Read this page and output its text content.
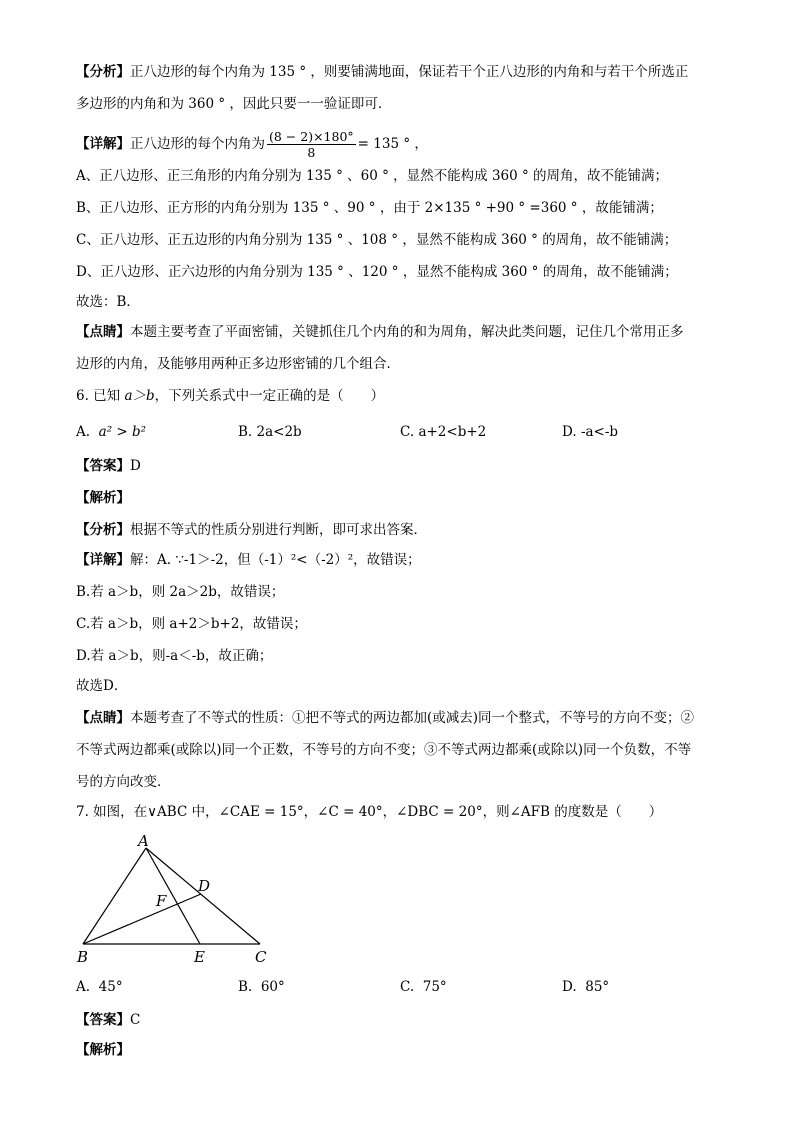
【分析】正八边形的每个内角为 135 ° ，则要铺满地面，保证若干个正八边形的内角和与若干个所选正
多边形的内角和为 360 ° ，因此只要一一验证即可．
【详解】正八边形的每个内角为 $\frac{(8 - 2)\times 180^\circ}{8} = 135$ ° ，
A、正八边形、正三角形的内角分别为 135 ° 、60 ° ，显然不能构成 360 ° 的周角，故不能铺满；
B、正八边形、正方形的内角分别为 135 ° 、90 ° ，由于 2×135 ° +90 ° =360 ° ，故能铺满；
C、正八边形、正五边形的内角分别为 135 ° 、108 ° ，显然不能构成 360 ° 的周角，故不能铺满；
D、正八边形、正六边形的内角分别为 135 ° 、120 ° ，显然不能构成 360 ° 的周角，故不能铺满；
故选：B．
【点睛】本题主要考查了平面密铺，关键抓住几个内角的和为周角，解决此类问题，记住几个常用正多
边形的内角，及能够用两种正多边形密铺的几个组合．
6. 已知 a＞b，下列关系式中一定正确的是（　　）
A. a² > b²	B. 2a<2b	C. a+2<b+2	D. -a<-b
【答案】D
【解析】
【分析】根据不等式的性质分别进行判断，即可求出答案．
【详解】解：A. ∵-1＞-2，但（-1）²<（-2）²，故错误；
B.若 a＞b，则 2a＞2b，故错误；
C.若 a＞b，则 a+2＞b+2，故错误；
D.若 a＞b，则-a＜-b，故正确；
故选D．
【点睛】本题考查了不等式的性质：①把不等式的两边都加(或减去)同一个整式，不等号的方向不变；②
不等式两边都乘(或除以)同一个正数，不等号的方向不变；③不等式两边都乘(或除以)同一个负数，不等
号的方向改变．
7. 如图，在∨ABC 中，∠CAE = 15°，∠C = 40°，∠DBC = 20°，则∠AFB 的度数是（　　）
A
B	C
D
E
F
A. 45°	B. 60°	C. 75°	D. 85°
【答案】C
【解析】
